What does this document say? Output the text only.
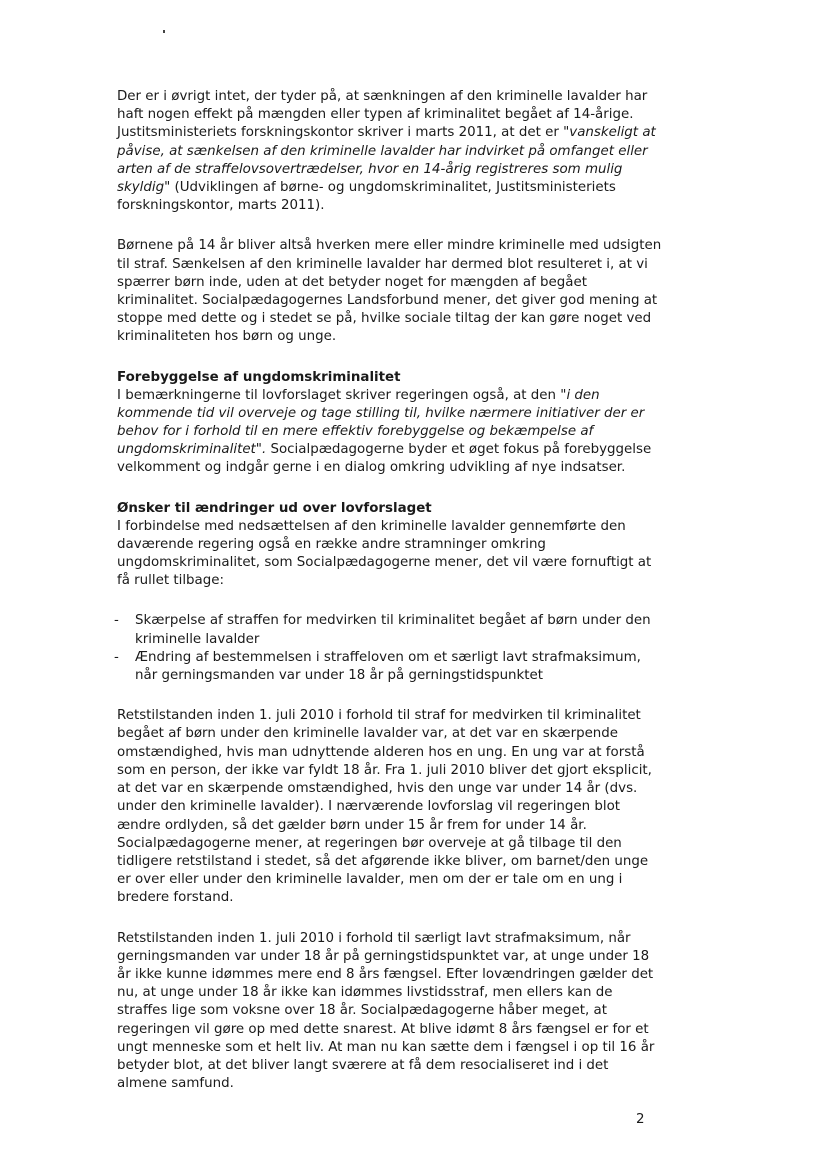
Der er i øvrigt intet, der tyder på, at sænkningen af den kriminelle lavalder har haft nogen effekt på mængden eller typen af kriminalitet begået af 14-årige. Justitsministeriets forskningskontor skriver i marts 2011, at det er "vanskeligt at påvise, at sænkelsen af den kriminelle lavalder har indvirket på omfanget eller arten af de straffelovsovertrædelser, hvor en 14-årig registreres som mulig skyldig" (Udviklingen af børne- og ungdomskriminalitet, Justitsministeriets forskningskontor, marts 2011).

Børnene på 14 år bliver altså hverken mere eller mindre kriminelle med udsigten til straf. Sænkelsen af den kriminelle lavalder har dermed blot resulteret i, at vi spærrer børn inde, uden at det betyder noget for mængden af begået kriminalitet. Socialpædagogernes Landsforbund mener, det giver god mening at stoppe med dette og i stedet se på, hvilke sociale tiltag der kan gøre noget ved kriminaliteten hos børn og unge.

Forebyggelse af ungdomskriminalitet

I bemærkningerne til lovforslaget skriver regeringen også, at den "i den kommende tid vil overveje og tage stilling til, hvilke nærmere initiativer der er behov for i forhold til en mere effektiv forebyggelse og bekæmpelse af ungdomskriminalitet". Socialpædagogerne byder et øget fokus på forebyggelse velkomment og indgår gerne i en dialog omkring udvikling af nye indsatser.

Ønsker til ændringer ud over lovforslaget

I forbindelse med nedsættelsen af den kriminelle lavalder gennemførte den daværende regering også en række andre stramninger omkring ungdomskriminalitet, som Socialpædagogerne mener, det vil være fornuftigt at få rullet tilbage:

- Skærpelse af straffen for medvirken til kriminalitet begået af børn under den kriminelle lavalder
- Ændring af bestemmelsen i straffeloven om et særligt lavt strafmaksimum, når gerningsmanden var under 18 år på gerningstidspunktet

Retstilstanden inden 1. juli 2010 i forhold til straf for medvirken til kriminalitet begået af børn under den kriminelle lavalder var, at det var en skærpende omstændighed, hvis man udnyttende alderen hos en ung. En ung var at forstå som en person, der ikke var fyldt 18 år. Fra 1. juli 2010 bliver det gjort eksplicit, at det var en skærpende omstændighed, hvis den unge var under 14 år (dvs. under den kriminelle lavalder). I nærværende lovforslag vil regeringen blot ændre ordlyden, så det gælder børn under 15 år frem for under 14 år. Socialpædagogerne mener, at regeringen bør overveje at gå tilbage til den tidligere retstilstand i stedet, så det afgørende ikke bliver, om barnet/den unge er over eller under den kriminelle lavalder, men om der er tale om en ung i bredere forstand.

Retstilstanden inden 1. juli 2010 i forhold til særligt lavt strafmaksimum, når gerningsmanden var under 18 år på gerningstidspunktet var, at unge under 18 år ikke kunne idømmes mere end 8 års fængsel. Efter lovændringen gælder det nu, at unge under 18 år ikke kan idømmes livstidsstraf, men ellers kan de straffes lige som voksne over 18 år. Socialpædagogerne håber meget, at regeringen vil gøre op med dette snarest. At blive idømt 8 års fængsel er for et ungt menneske som et helt liv. At man nu kan sætte dem i fængsel i op til 16 år betyder blot, at det bliver langt sværere at få dem resocialiseret ind i det almene samfund.

2
